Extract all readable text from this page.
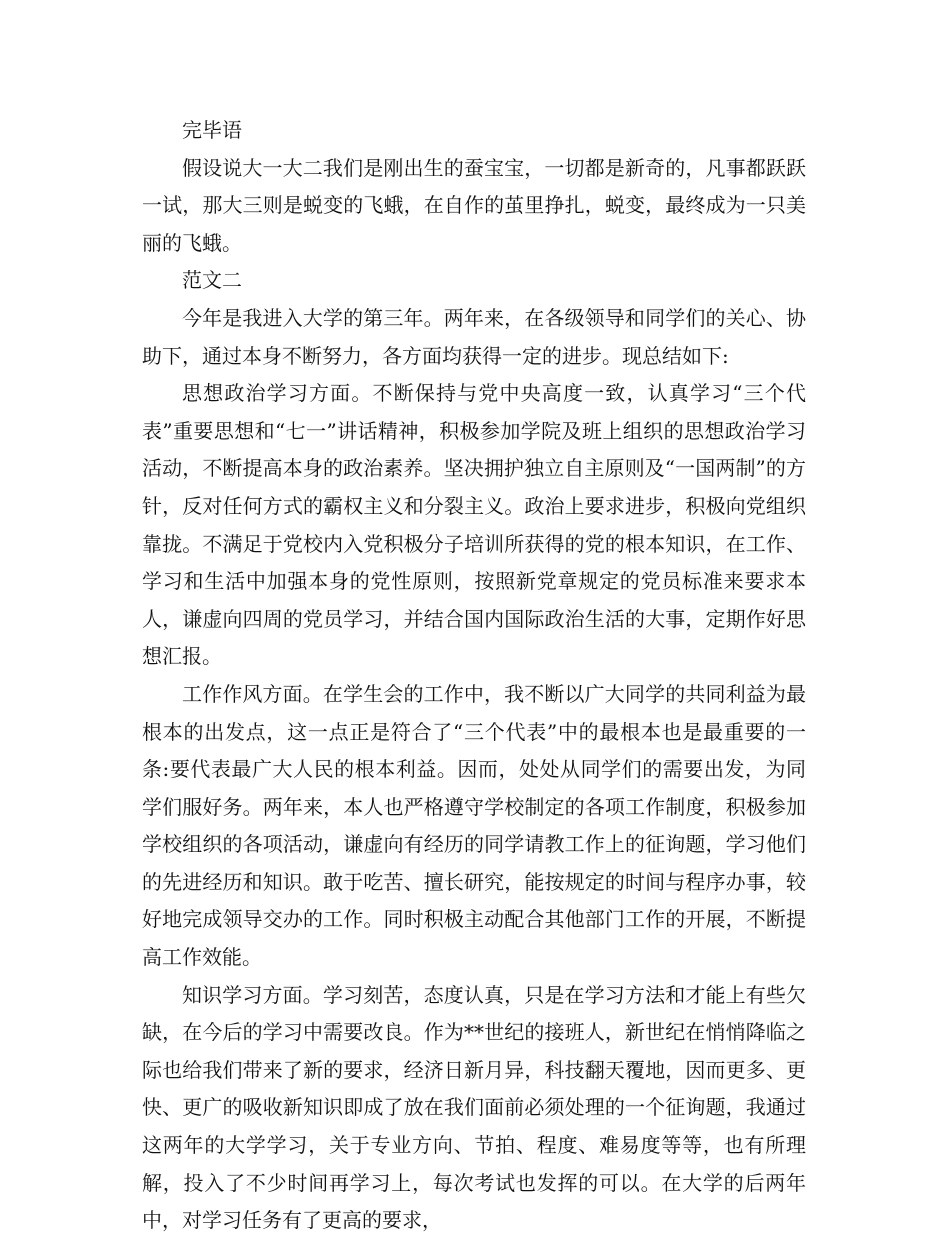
完毕语

假设说大一大二我们是刚出生的蚕宝宝，一切都是新奇的，凡事都跃跃一试，那大三则是蜕变的飞蛾，在自作的茧里挣扎，蜕变，最终成为一只美丽的飞蛾。

范文二

今年是我进入大学的第三年。两年来，在各级领导和同学们的关心、协助下，通过本身不断努力，各方面均获得一定的进步。现总结如下:

思想政治学习方面。不断保持与党中央高度一致，认真学习“三个代表”重要思想和“七一”讲话精神，积极参加学院及班上组织的思想政治学习活动，不断提高本身的政治素养。坚决拥护独立自主原则及“一国两制”的方针，反对任何方式的霸权主义和分裂主义。政治上要求进步，积极向党组织靠拢。不满足于党校内入党积极分子培训所获得的党的根本知识，在工作、学习和生活中加强本身的党性原则，按照新党章规定的党员标准来要求本人，谦虚向四周的党员学习，并结合国内国际政治生活的大事，定期作好思想汇报。

工作作风方面。在学生会的工作中，我不断以广大同学的共同利益为最根本的出发点，这一点正是符合了“三个代表”中的最根本也是最重要的一条:要代表最广大人民的根本利益。因而，处处从同学们的需要出发，为同学们服好务。两年来，本人也严格遵守学校制定的各项工作制度，积极参加学校组织的各项活动，谦虚向有经历的同学请教工作上的征询题，学习他们的先进经历和知识。敢于吃苦、擅长研究，能按规定的时间与程序办事，较好地完成领导交办的工作。同时积极主动配合其他部门工作的开展，不断提高工作效能。

知识学习方面。学习刻苦，态度认真，只是在学习方法和才能上有些欠缺，在今后的学习中需要改良。作为**世纪的接班人，新世纪在悄悄降临之际也给我们带来了新的要求，经济日新月异，科技翻天覆地，因而更多、更快、更广的吸收新知识即成了放在我们面前必须处理的一个征询题，我通过这两年的大学学习，关于专业方向、节拍、程度、难易度等等，也有所理解，投入了不少时间再学习上，每次考试也发挥的可以。在大学的后两年中，对学习任务有了更高的要求，
